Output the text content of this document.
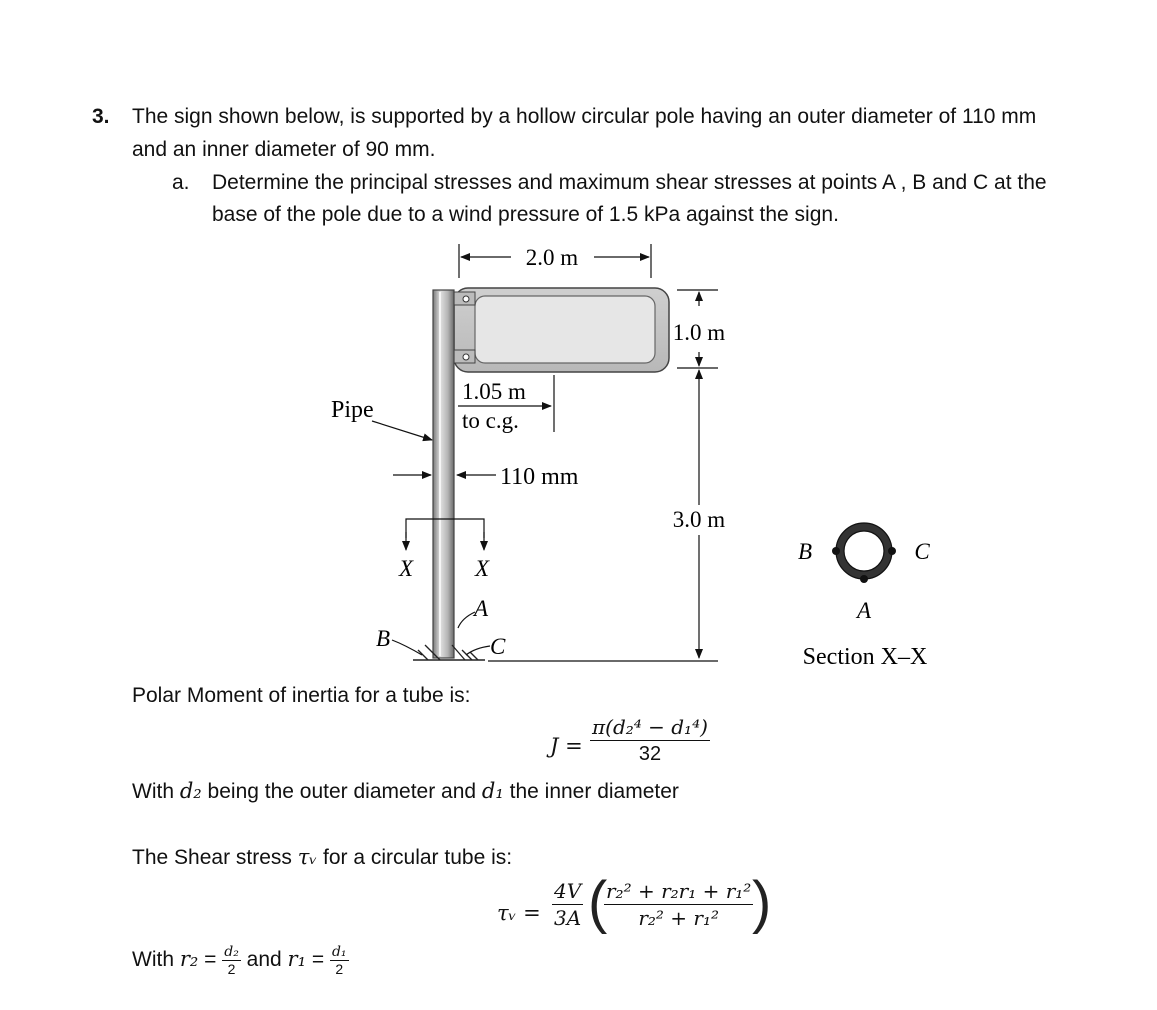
3. The sign shown below, is supported by a hollow circular pole having an outer diameter of 110 mm
and an inner diameter of 90 mm.
a. Determine the principal stresses and maximum shear stresses at points A , B and C at the
base of the pole due to a wind pressure of 1.5 kPa against the sign.
2.0 m
1.0 m
3.0 m
1.05 m
to c.g.
Pipe
110 mm
X	X
A
B	C
B	C
A
Section X–X
Polar Moment of inertia for a tube is:
$J = \frac{\text{π(d₂⁴ − d₁⁴)}}{32}$
With d₂ being the outer diameter and d₁ the inner diameter
The Shear stress τᵥ for a circular tube is:
τᵥ = $\frac{4V}{3A}$ (
$\frac{\text{r₂² + r₂r₁ + r₁²}}{\text{r₂² + r₁²}}$
)
With $r_2 = \frac{\text{d₂}}{2}$ and $r_1 = \frac{\text{d₁}}{2}$
